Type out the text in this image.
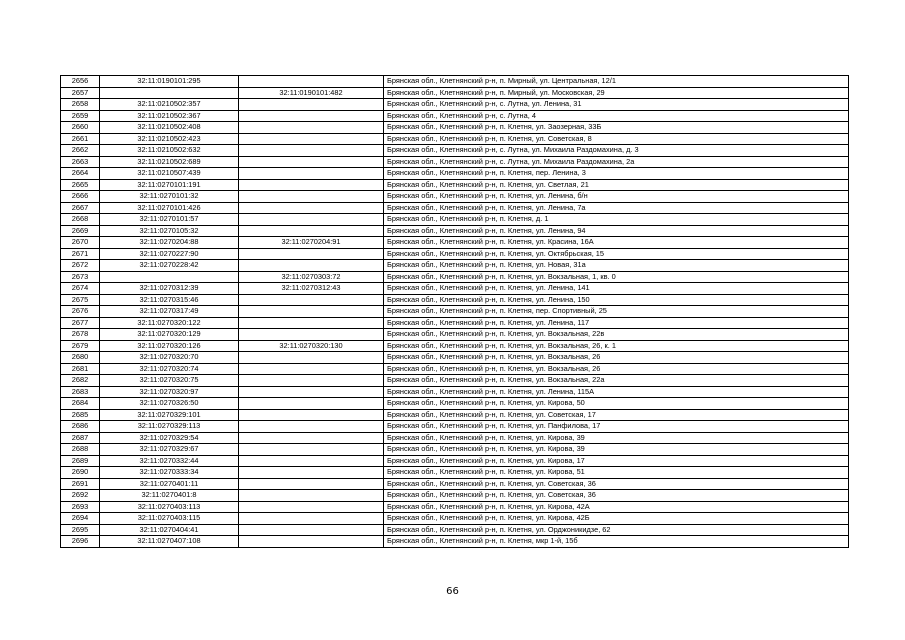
2656	32:11:0190101:295		Брянская обл., Клетнянский р-н, п. Мирный, ул. Центральная, 12/1
2657		32:11:0190101:482	Брянская обл., Клетнянский р-н, п. Мирный, ул. Московская, 29
2658	32:11:0210502:357		Брянская обл., Клетнянский р-н, с. Лутна, ул. Ленина, 31
2659	32:11:0210502:367		Брянская обл., Клетнянский р-н, с. Лутна, 4
2660	32:11:0210502:408		Брянская обл., Клетнянский р-н, п. Клетня, ул. Заозерная, 33Б
2661	32:11:0210502:423		Брянская обл., Клетнянский р-н, п. Клетня, ул. Советская, 8
2662	32:11:0210502:632		Брянская обл., Клетнянский р-н, с. Лутна, ул. Михаила Раздомахина, д. 3
2663	32:11:0210502:689		Брянская обл., Клетнянский р-н, с. Лутна, ул. Михаила Раздомахина, 2а
2664	32:11:0210507:439		Брянская обл., Клетнянский р-н, п. Клетня, пер. Ленина, 3
2665	32:11:0270101:191		Брянская обл., Клетнянский р-н, п. Клетня, ул. Светлая, 21
2666	32:11:0270101:32		Брянская обл., Клетнянский р-н, п. Клетня, ул. Ленина, б/н
2667	32:11:0270101:426		Брянская обл., Клетнянский р-н, п. Клетня, ул. Ленина, 7а
2668	32:11:0270101:57		Брянская обл., Клетнянский р-н, п. Клетня, д. 1
2669	32:11:0270105:32		Брянская обл., Клетнянский р-н, п. Клетня, ул. Ленина, 94
2670	32:11:0270204:88	32:11:0270204:91	Брянская обл., Клетнянский р-н, п. Клетня, ул. Красина, 16А
2671	32:11:0270227:90		Брянская обл., Клетнянский р-н, п. Клетня, ул. Октябрьская, 15
2672	32:11:0270228:42		Брянская обл., Клетнянский р-н, п. Клетня, ул. Новая, 31а
2673		32:11:0270303:72	Брянская обл., Клетнянский р-н, п. Клетня, ул. Вокзальная, 1, кв. 0
2674	32:11:0270312:39	32:11:0270312:43	Брянская обл., Клетнянский р-н, п. Клетня, ул. Ленина, 141
2675	32:11:0270315:46		Брянская обл., Клетнянский р-н, п. Клетня, ул. Ленина, 150
2676	32:11:0270317:49		Брянская обл., Клетнянский р-н, п. Клетня, пер. Спортивный, 25
2677	32:11:0270320:122		Брянская обл., Клетнянский р-н, п. Клетня, ул. Ленина, 117
2678	32:11:0270320:129		Брянская обл., Клетнянский р-н, п. Клетня, ул. Вокзальная, 22в
2679	32:11:0270320:126	32:11:0270320:130	Брянская обл., Клетнянский р-н, п. Клетня, ул. Вокзальная, 26, к. 1
2680	32:11:0270320:70		Брянская обл., Клетнянский р-н, п. Клетня, ул. Вокзальная, 26
2681	32:11:0270320:74		Брянская обл., Клетнянский р-н, п. Клетня, ул. Вокзальная, 26
2682	32:11:0270320:75		Брянская обл., Клетнянский р-н, п. Клетня, ул. Вокзальная, 22а
2683	32:11:0270320:97		Брянская обл., Клетнянский р-н, п. Клетня, ул. Ленина, 115А
2684	32:11:0270326:50		Брянская обл., Клетнянский р-н, п. Клетня, ул. Кирова, 50
2685	32:11:0270329:101		Брянская обл., Клетнянский р-н, п. Клетня, ул. Советская, 17
2686	32:11:0270329:113		Брянская обл., Клетнянский р-н, п. Клетня, ул. Панфилова, 17
2687	32:11:0270329:54		Брянская обл., Клетнянский р-н, п. Клетня, ул. Кирова, 39
2688	32:11:0270329:67		Брянская обл., Клетнянский р-н, п. Клетня, ул. Кирова, 39
2689	32:11:0270332:44		Брянская обл., Клетнянский р-н, п. Клетня, ул. Кирова, 17
2690	32:11:0270333:34		Брянская обл., Клетнянский р-н, п. Клетня, ул. Кирова, 51
2691	32:11:0270401:11		Брянская обл., Клетнянский р-н, п. Клетня, ул. Советская, 36
2692	32:11:0270401:8		Брянская обл., Клетнянский р-н, п. Клетня, ул. Советская, 36
2693	32:11:0270403:113		Брянская обл., Клетнянский р-н, п. Клетня, ул. Кирова, 42А
2694	32:11:0270403:115		Брянская обл., Клетнянский р-н, п. Клетня, ул. Кирова, 42Б
2695	32:11:0270404:41		Брянская обл., Клетнянский р-н, п. Клетня, ул. Орджоникидзе, 62
2696	32:11:0270407:108		Брянская обл., Клетнянский р-н, п. Клетня, мкр 1-й, 15б
66
